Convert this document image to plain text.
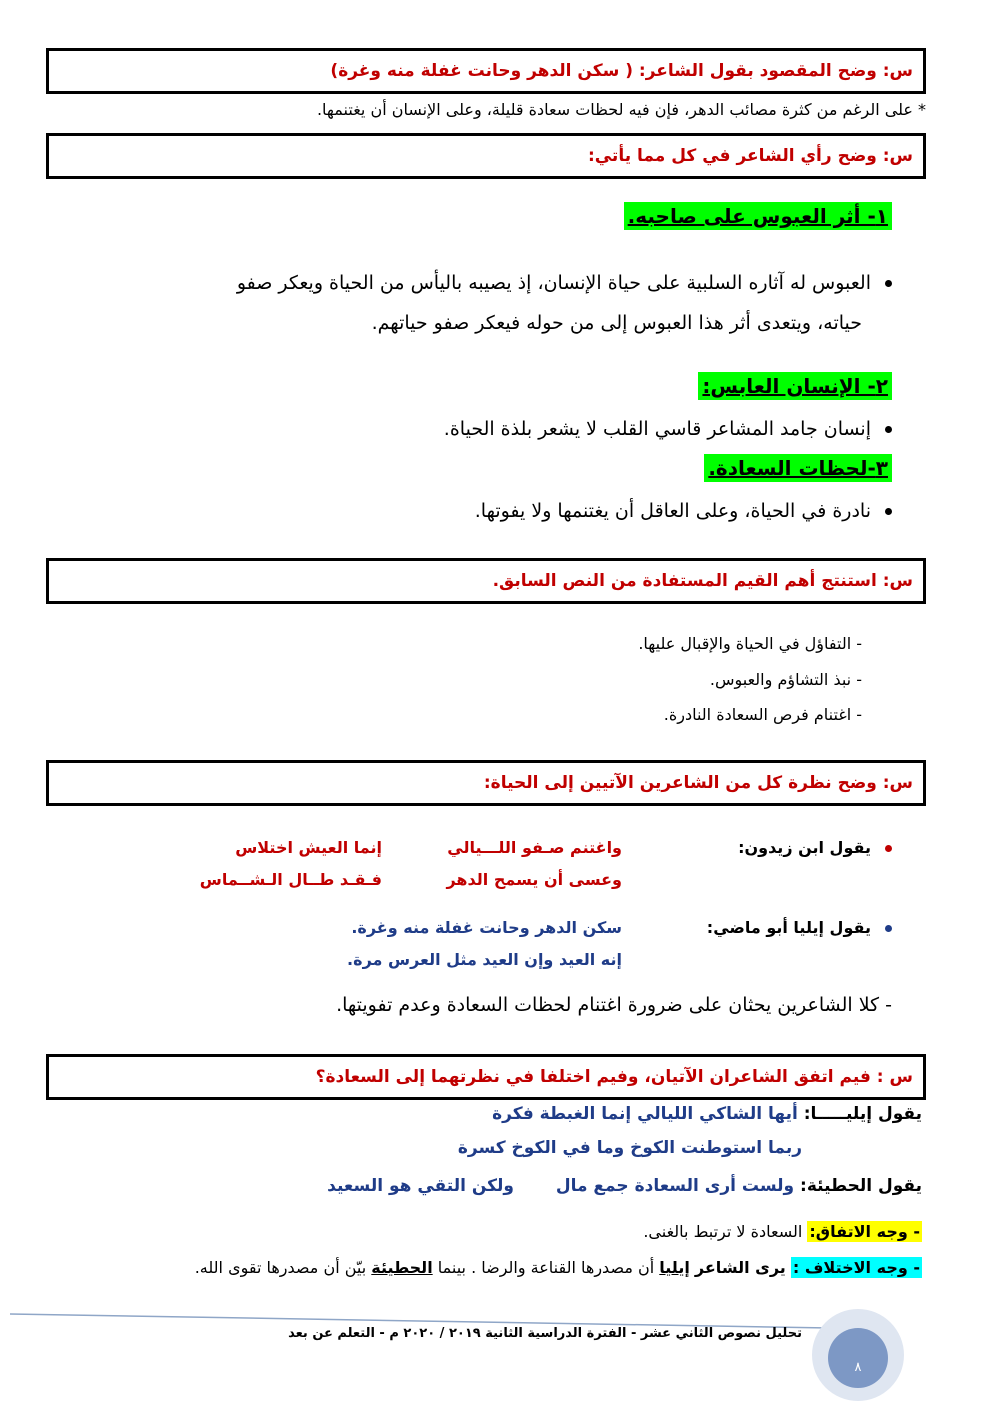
س: وضح المقصود بقول الشاعر: ( سكن الدهر وحانت غفلة منه وغرة)
* على الرغم من كثرة مصائب الدهر، فإن فيه لحظات سعادة قليلة، وعلى الإنسان أن يغتنمها.
س: وضح رأي الشاعر في كل مما يأتي:
١- أثر العبوس على صاحبه.
العبوس له آثاره السلبية على حياة الإنسان، إذ يصيبه باليأس من الحياة ويعكر صفو
حياته، ويتعدى أثر هذا العبوس إلى من حوله فيعكر صفو حياتهم.
٢- الإنسان العابس:
إنسان جامد المشاعر قاسي القلب لا يشعر بلذة الحياة.
٣-لحظات السعادة.
نادرة في الحياة، وعلى العاقل أن يغتنمها ولا يفوتها.
س: استنتج أهم القيم المستفادة من النص السابق.
- التفاؤل في الحياة والإقبال عليها.
- نبذ التشاؤم والعبوس.
- اغتنام فرص السعادة النادرة.
س: وضح نظرة كل من الشاعرين الآتيين إلى الحياة:
يقول ابن زيدون:
واغتنم صـفو اللـــيالي
إنما العيش اختلاس
وعسى أن يسمح الدهر
فـقـد طــال الـشــماس
يقول إيليا أبو ماضي:
سكن الدهر وحانت غفلة منه وغرة.
إنه العيد وإن العيد مثل العرس مرة.
- كلا الشاعرين يحثان على ضرورة اغتنام لحظات السعادة وعدم تفويتها.
س : فيم اتفق الشاعران الآتيان، وفيم اختلفا في نظرتهما إلى السعادة؟
يقول إيليـــــا: أيها الشاكي الليالي إنما الغبطة فكرة
ربما استوطنت الكوخ وما في الكوخ كسرة
يقول الحطيئة: ولست أرى السعادة جمع مال  ولكن التقي هو السعيد
- وجه الاتفاق: السعادة لا ترتبط بالغنى.
- وجه الاختلاف : يرى الشاعر إيليا أن مصدرها القناعة والرضا . بينما الحطيئة بيّن أن مصدرها تقوى الله.
تحليل نصوص الثاني عشر - الفترة الدراسية الثانية ٢٠١٩ / ٢٠٢٠ م - التعلم عن بعد
٨
